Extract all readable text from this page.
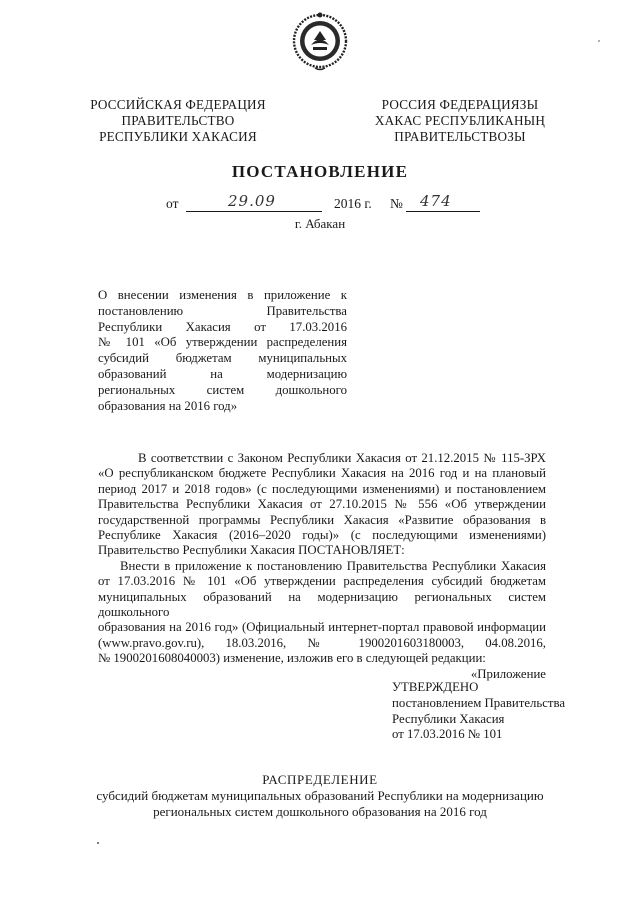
РОССИЙСКАЯ ФЕДЕРАЦИЯ
ПРАВИТЕЛЬСТВО
РЕСПУБЛИКИ ХАКАСИЯ
РОССИЯ ФЕДЕРАЦИЯЗЫ
ХАКАС РЕСПУБЛИКАНЫҢ
ПРАВИТЕЛЬСТВОЗЫ
ПОСТАНОВЛЕНИЕ
от	29.09	2016 г. № 474
г. Абакан
О внесении изменения в приложение к
постановлению Правительства
Республики Хакасия от 17.03.2016
№ 101 «Об утверждении распределения
субсидий бюджетам муниципальных
образований на модернизацию
региональных систем дошкольного
образования на 2016 год»

В соответствии с Законом Республики Хакасия от 21.12.2015 № 115-ЗРХ
«О республиканском бюджете Республики Хакасия на 2016 год и на плановый
период 2017 и 2018 годов» (с последующими изменениями) и постановлением
Правительства Республики Хакасия от 27.10.2015 № 556 «Об утверждении
государственной программы Республики Хакасия «Развитие образования в
Республике Хакасия (2016–2020 годы)» (с последующими изменениями)
Правительство Республики Хакасия ПОСТАНОВЛЯЕТ:

Внести в приложение к постановлению Правительства Республики Хакасия
от 17.03.2016 № 101 «Об утверждении распределения субсидий бюджетам
муниципальных образований на модернизацию региональных систем дошкольного
образования на 2016 год» (Официальный интернет-портал правовой информации
(www.pravo.gov.ru), 18.03.2016, № 1900201603180003, 04.08.2016,
№ 1900201608040003) изменение, изложив его в следующей редакции:

«Приложение

УТВЕРЖДЕНО
постановлением Правительства
Республики Хакасия
от 17.03.2016 № 101
РАСПРЕДЕЛЕНИЕ
субсидий бюджетам муниципальных образований Республики на модернизацию
региональных систем дошкольного образования на 2016 год
